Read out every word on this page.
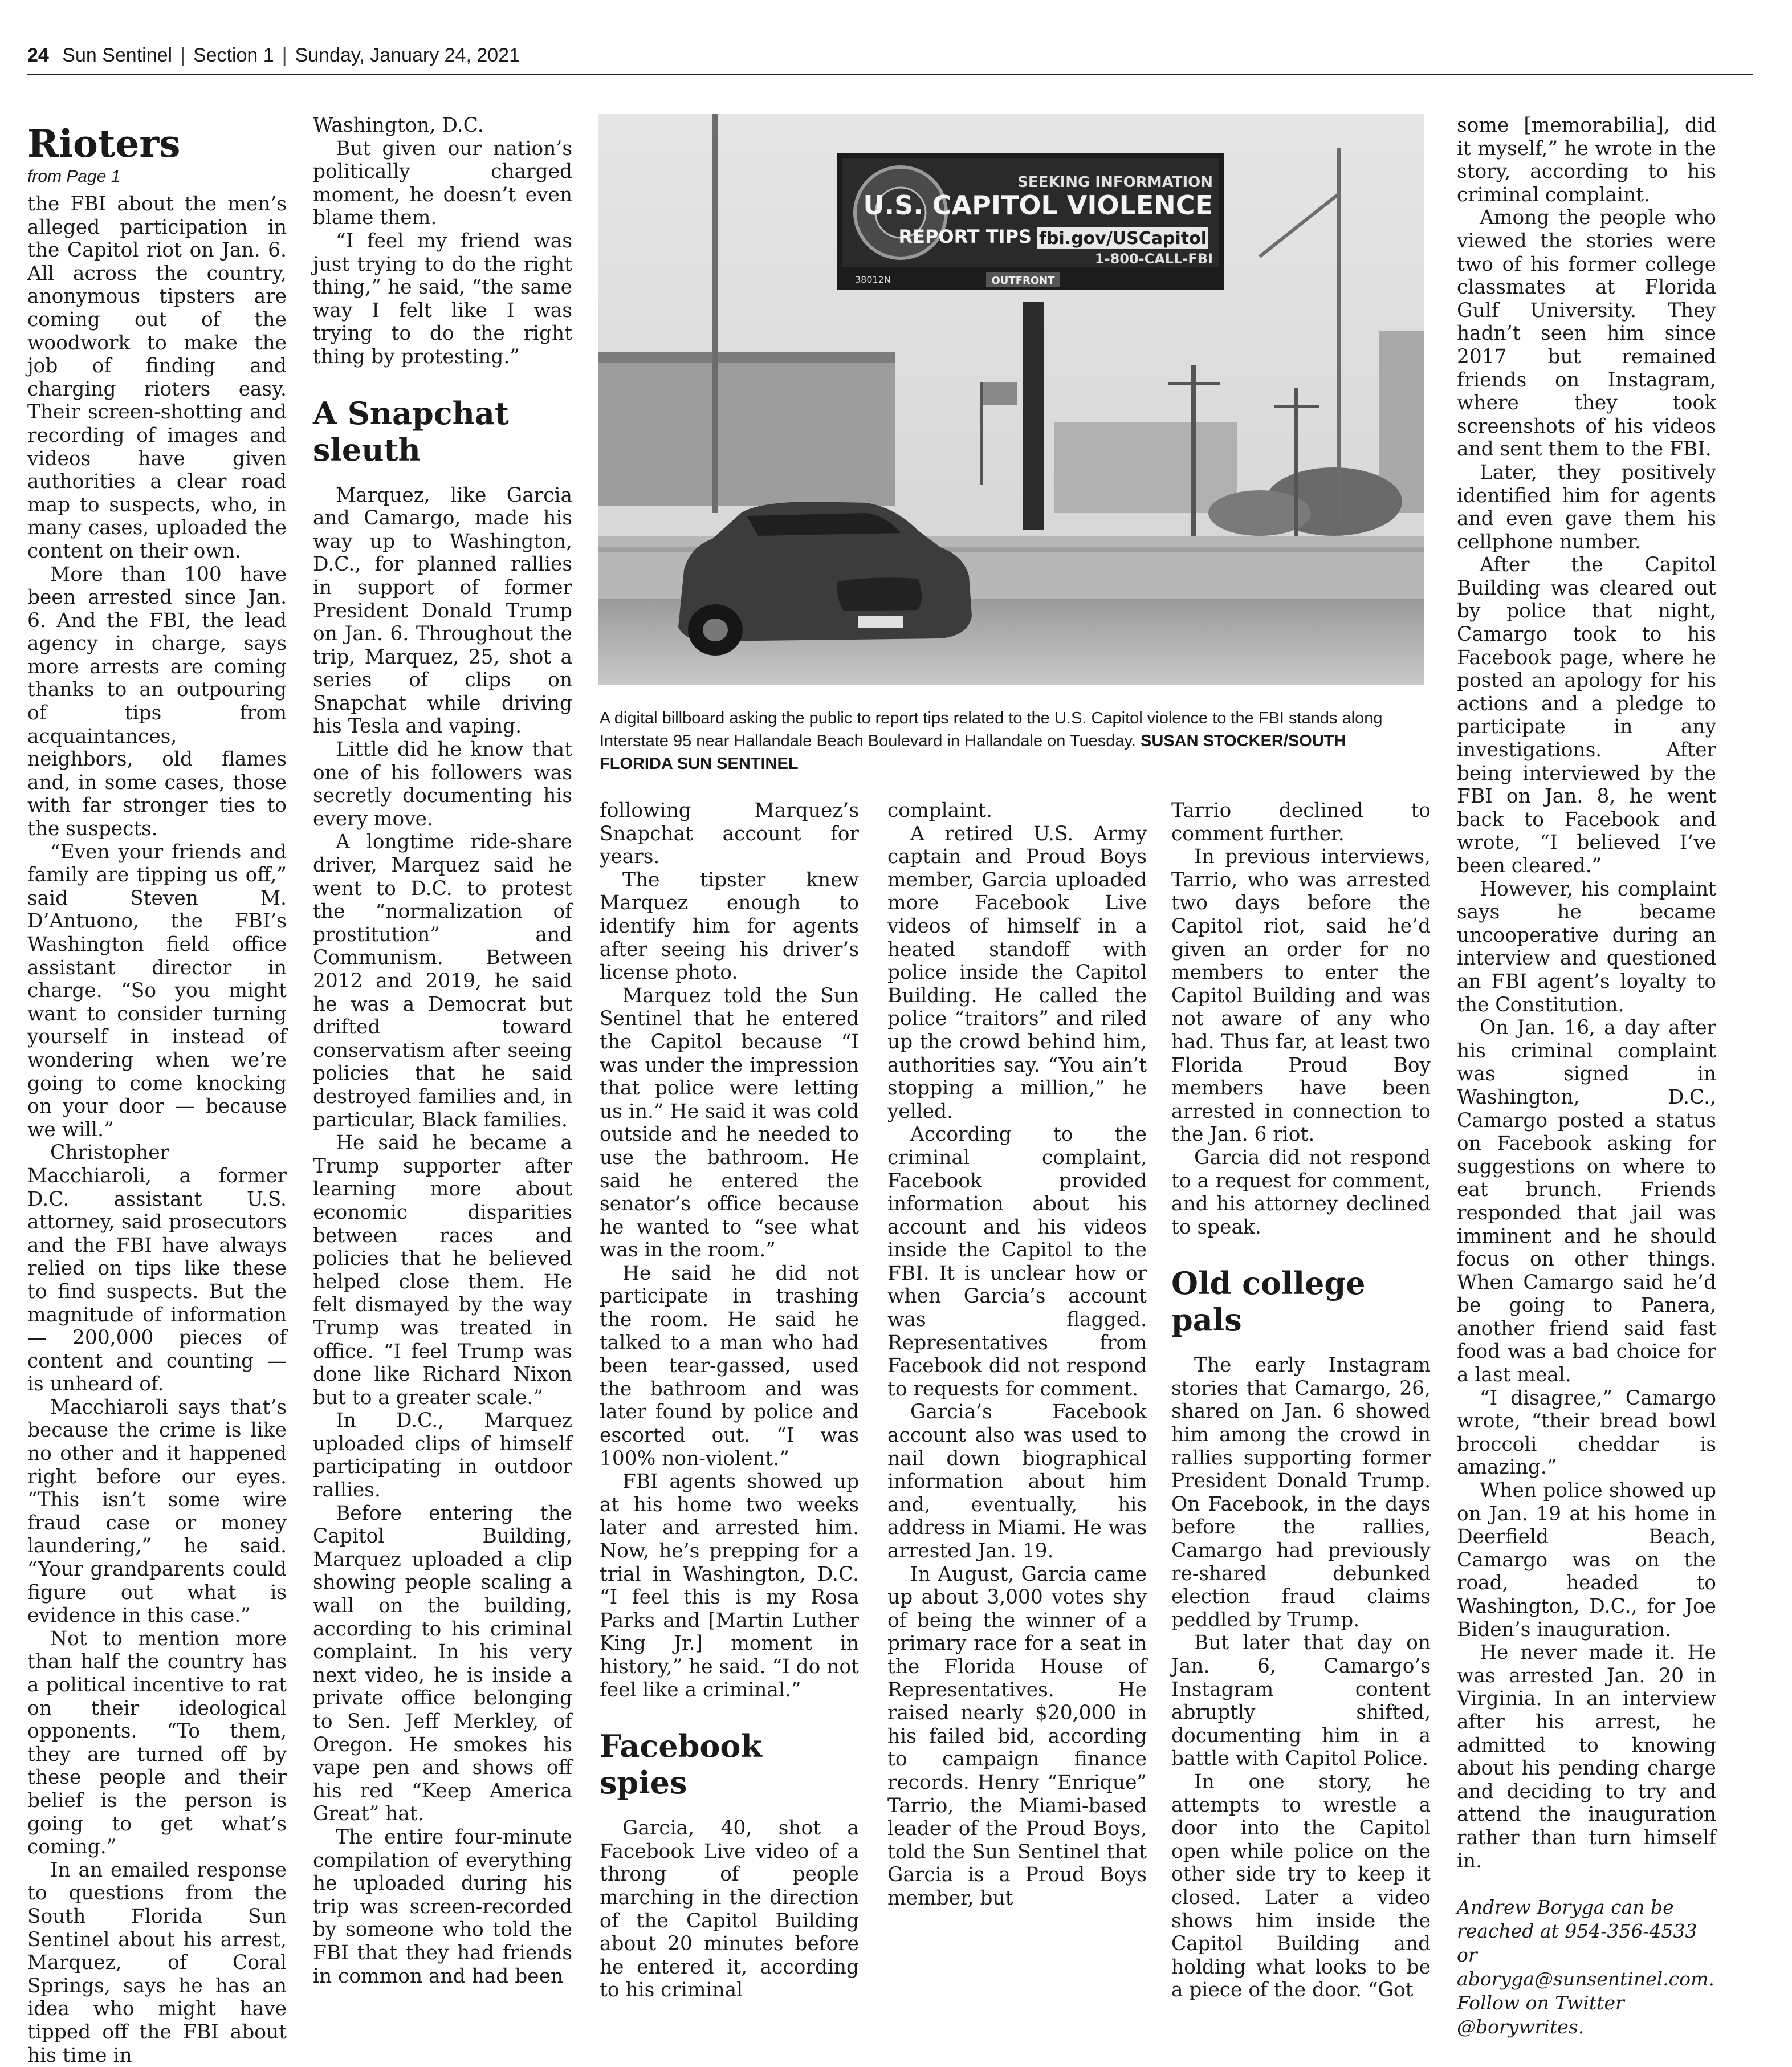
24 Sun Sentinel | Section 1 | Sunday, January 24, 2021
Rioters
from Page 1

the FBI about the men’s alleged participation in the Capitol riot on Jan. 6. All across the country, anonymous tipsters are coming out of the woodwork to make the job of finding and charging rioters easy. Their screen-shotting and recording of images and videos have given authorities a clear road map to suspects, who, in many cases, uploaded the content on their own.

More than 100 have been arrested since Jan. 6. And the FBI, the lead agency in charge, says more arrests are coming thanks to an outpouring of tips from acquaintances, neighbors, old flames and, in some cases, those with far stronger ties to the suspects.

“Even your friends and family are tipping us off,” said Steven M. D’Antuono, the FBI’s Washington field office assistant director in charge. “So you might want to consider turning yourself in instead of wondering when we’re going to come knocking on your door — because we will.”

Christopher Macchiaroli, a former D.C. assistant U.S. attorney, said prosecutors and the FBI have always relied on tips like these to find suspects. But the magnitude of information — 200,000 pieces of content and counting — is unheard of.

Macchiaroli says that’s because the crime is like no other and it happened right before our eyes. “This isn’t some wire fraud case or money laundering,” he said. “Your grandparents could figure out what is evidence in this case.”

Not to mention more than half the country has a political incentive to rat on their ideological opponents. “To them, they are turned off by these people and their belief is the person is going to get what’s coming.”

In an emailed response to questions from the South Florida Sun Sentinel about his arrest, Marquez, of Coral Springs, says he has an idea who might have tipped off the FBI about his time in

Washington, D.C.

But given our nation’s politically charged moment, he doesn’t even blame them.

“I feel my friend was just trying to do the right thing,” he said, “the same way I felt like I was trying to do the right thing by protesting.”

A Snapchat sleuth

Marquez, like Garcia and Camargo, made his way up to Washington, D.C., for planned rallies in support of former President Donald Trump on Jan. 6. Throughout the trip, Marquez, 25, shot a series of clips on Snapchat while driving his Tesla and vaping.

Little did he know that one of his followers was secretly documenting his every move.

A longtime ride-share driver, Marquez said he went to D.C. to protest the “normalization of prostitution” and Communism. Between 2012 and 2019, he said he was a Democrat but drifted toward conservatism after seeing policies that he said destroyed families and, in particular, Black families.

He said he became a Trump supporter after learning more about economic disparities between races and policies that he believed helped close them. He felt dismayed by the way Trump was treated in office. “I feel Trump was done like Richard Nixon but to a greater scale.”

In D.C., Marquez uploaded clips of himself participating in outdoor rallies.

Before entering the Capitol Building, Marquez uploaded a clip showing people scaling a wall on the building, according to his criminal complaint. In his very next video, he is inside a private office belonging to Sen. Jeff Merkley, of Oregon. He smokes his vape pen and shows off his red “Keep America Great” hat.

The entire four-minute compilation of everything he uploaded during his trip was screen-recorded by someone who told the FBI that they had friends in common and had been

SEEKING INFORMATION
U.S. CAPITOL VIOLENCE
REPORT TIPS fbi.gov/USCapitol
1-800-CALL-FBI
38012N	OUTFRONT
A digital billboard asking the public to report tips related to the U.S. Capitol violence to the FBI stands along Interstate 95 near Hallandale Beach Boulevard in Hallandale on Tuesday. SUSAN STOCKER/SOUTH FLORIDA SUN SENTINEL

following Marquez’s Snapchat account for years.

The tipster knew Marquez enough to identify him for agents after seeing his driver’s license photo.

Marquez told the Sun Sentinel that he entered the Capitol because “I was under the impression that police were letting us in.” He said it was cold outside and he needed to use the bathroom. He said he entered the senator’s office because he wanted to “see what was in the room.”

He said he did not participate in trashing the room. He said he talked to a man who had been tear-gassed, used the bathroom and was later found by police and escorted out. “I was 100% non-violent.”

FBI agents showed up at his home two weeks later and arrested him. Now, he’s prepping for a trial in Washington, D.C. “I feel this is my Rosa Parks and [Martin Luther King Jr.] moment in history,” he said. “I do not feel like a criminal.”

Facebook spies

Garcia, 40, shot a Facebook Live video of a throng of people marching in the direction of the Capitol Building about 20 minutes before he entered it, according to his criminal

complaint.

A retired U.S. Army captain and Proud Boys member, Garcia uploaded more Facebook Live videos of himself in a heated standoff with police inside the Capitol Building. He called the police “traitors” and riled up the crowd behind him, authorities say. “You ain’t stopping a million,” he yelled.

According to the criminal complaint, Facebook provided information about his account and his videos inside the Capitol to the FBI. It is unclear how or when Garcia’s account was flagged. Representatives from Facebook did not respond to requests for comment.

Garcia’s Facebook account also was used to nail down biographical information about him and, eventually, his address in Miami. He was arrested Jan. 19.

In August, Garcia came up about 3,000 votes shy of being the winner of a primary race for a seat in the Florida House of Representatives. He raised nearly $20,000 in his failed bid, according to campaign finance records. Henry “Enrique” Tarrio, the Miami-based leader of the Proud Boys, told the Sun Sentinel that Garcia is a Proud Boys member, but

Tarrio declined to comment further.

In previous interviews, Tarrio, who was arrested two days before the Capitol riot, said he’d given an order for no members to enter the Capitol Building and was not aware of any who had. Thus far, at least two Florida Proud Boy members have been arrested in connection to the Jan. 6 riot.

Garcia did not respond to a request for comment, and his attorney declined to speak.

Old college pals

The early Instagram stories that Camargo, 26, shared on Jan. 6 showed him among the crowd in rallies supporting former President Donald Trump. On Facebook, in the days before the rallies, Camargo had previously re-shared debunked election fraud claims peddled by Trump.

But later that day on Jan. 6, Camargo’s Instagram content abruptly shifted, documenting him in a battle with Capitol Police.

In one story, he attempts to wrestle a door into the Capitol open while police on the other side try to keep it closed. Later a video shows him inside the Capitol Building and holding what looks to be a piece of the door. “Got

some [memorabilia], did it myself,” he wrote in the story, according to his criminal complaint.

Among the people who viewed the stories were two of his former college classmates at Florida Gulf University. They hadn’t seen him since 2017 but remained friends on Instagram, where they took screenshots of his videos and sent them to the FBI.

Later, they positively identified him for agents and even gave them his cellphone number.

After the Capitol Building was cleared out by police that night, Camargo took to his Facebook page, where he posted an apology for his actions and a pledge to participate in any investigations. After being interviewed by the FBI on Jan. 8, he went back to Facebook and wrote, “I believed I’ve been cleared.”

However, his complaint says he became uncooperative during an interview and questioned an FBI agent’s loyalty to the Constitution.

On Jan. 16, a day after his criminal complaint was signed in Washington, D.C., Camargo posted a status on Facebook asking for suggestions on where to eat brunch. Friends responded that jail was imminent and he should focus on other things. When Camargo said he’d be going to Panera, another friend said fast food was a bad choice for a last meal.

“I disagree,” Camargo wrote, “their bread bowl broccoli cheddar is amazing.”

When police showed up on Jan. 19 at his home in Deerfield Beach, Camargo was on the road, headed to Washington, D.C., for Joe Biden’s inauguration.

He never made it. He was arrested Jan. 20 in Virginia. In an interview after his arrest, he admitted to knowing about his pending charge and deciding to try and attend the inauguration rather than turn himself in.

Andrew Boryga can be reached at 954-356-4533 or aboryga@sunsentinel.com. Follow on Twitter @borywrites.
